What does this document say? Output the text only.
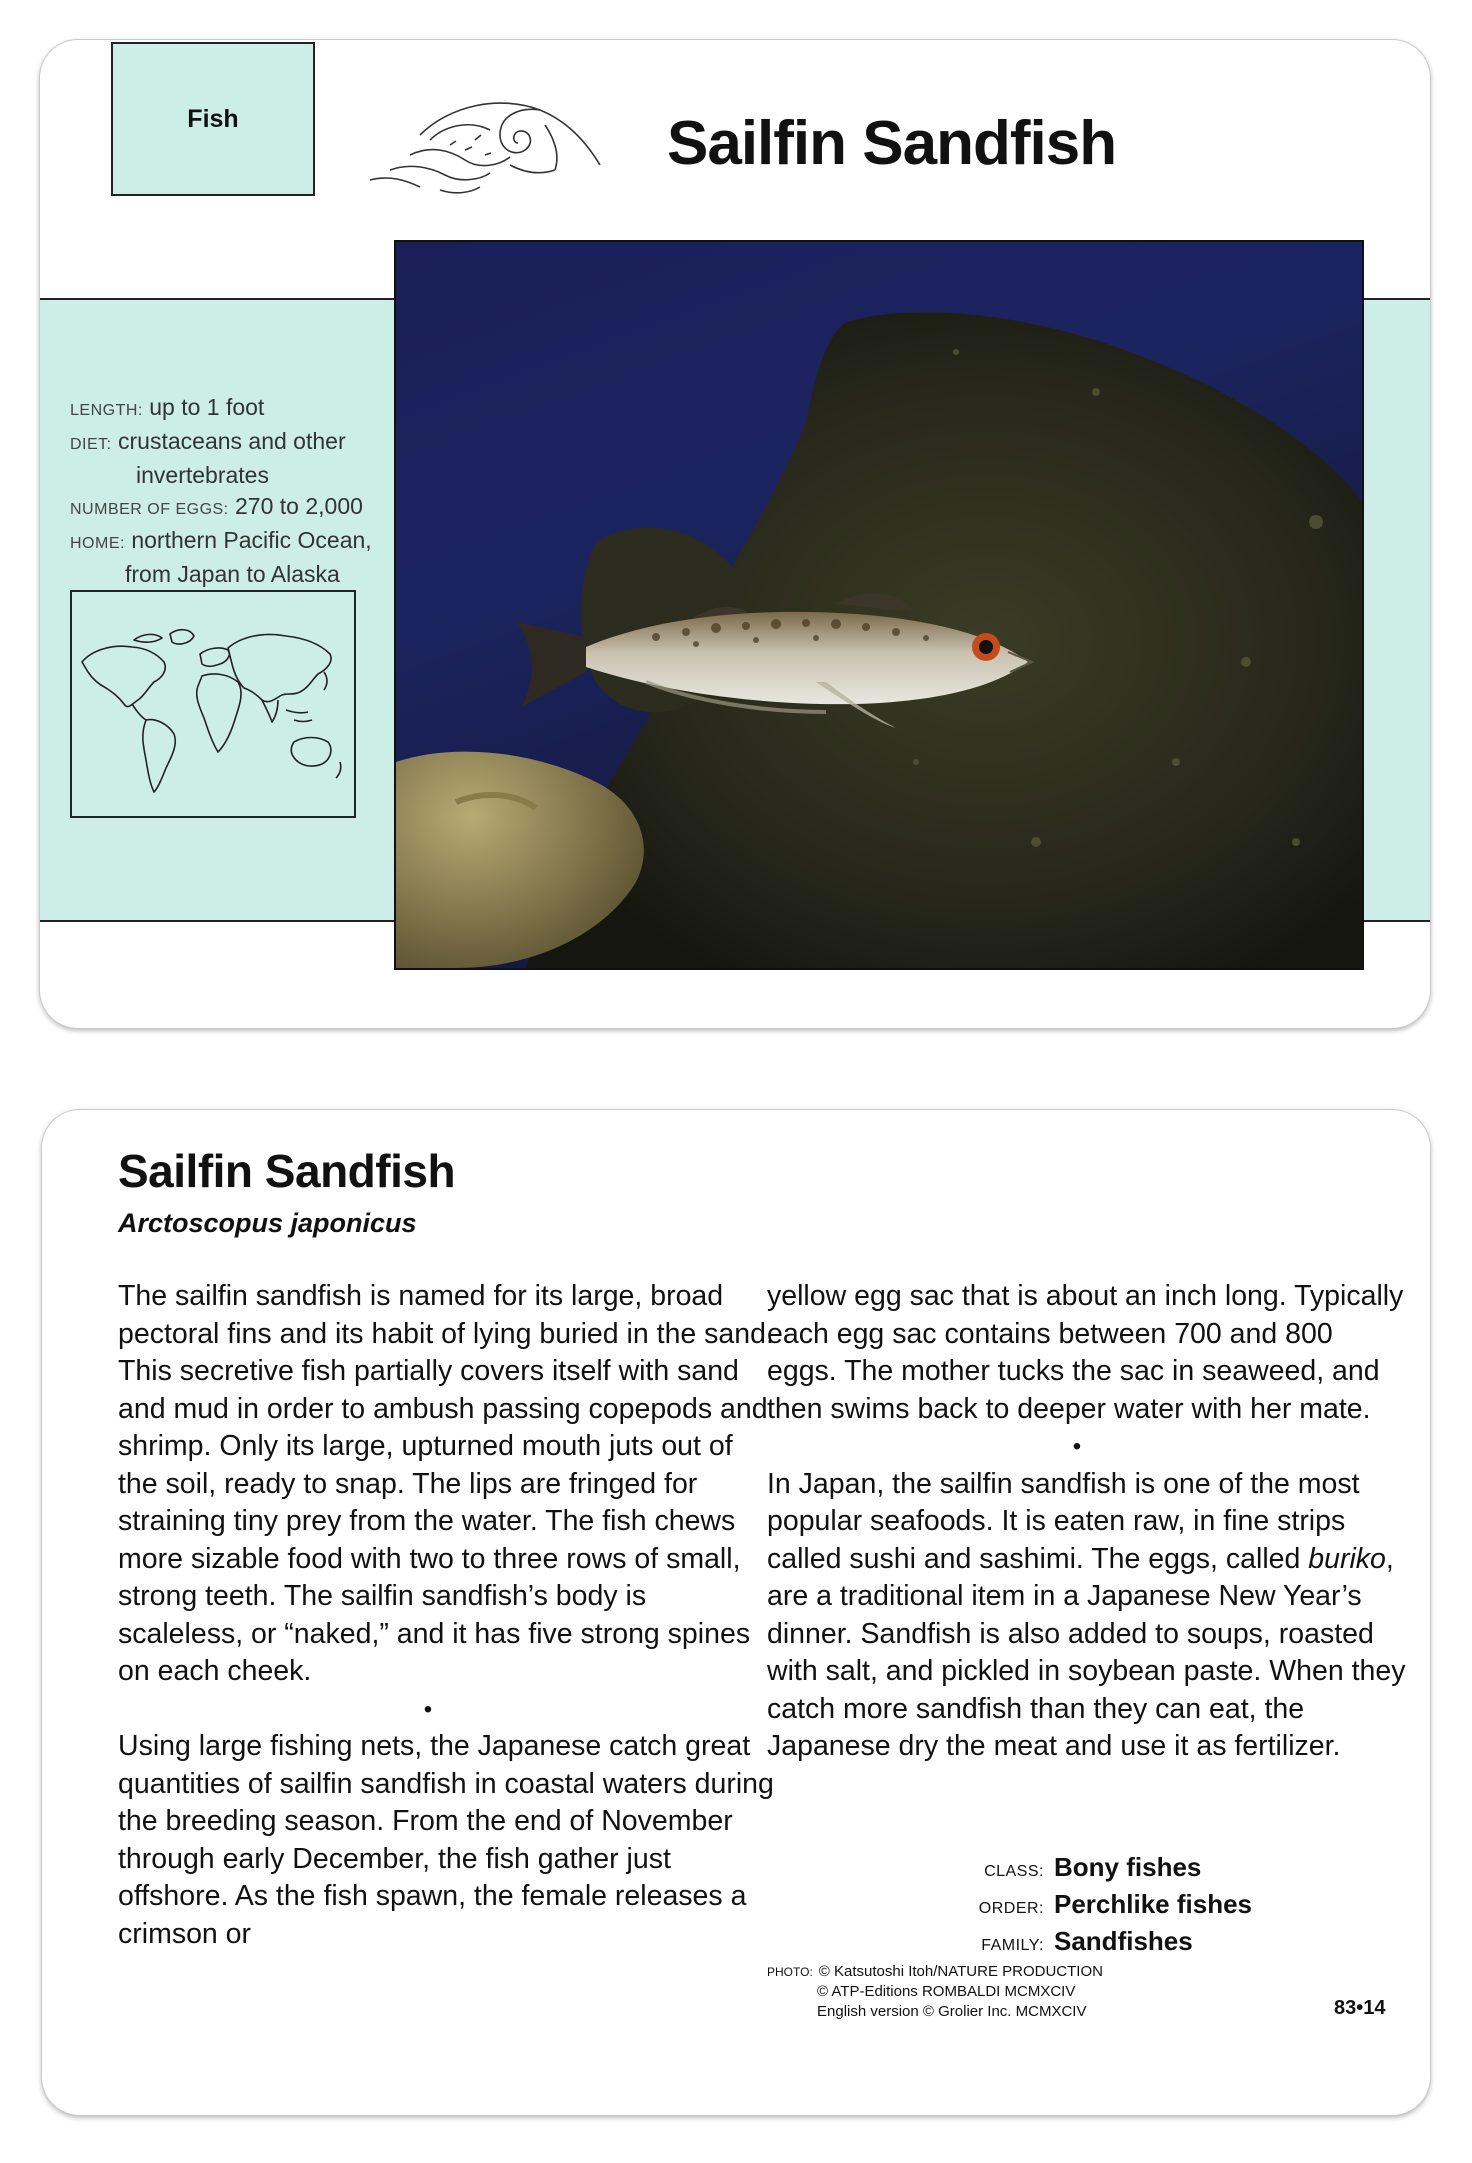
Fish	Sailfin Sandfish
LENGTH: up to 1 foot
DIET: crustaceans and other
invertebrates
NUMBER OF EGGS: 270 to 2,000
HOME: northern Pacific Ocean,
from Japan to Alaska
Sailfin Sandfish
Arctoscopus japonicus

The sailfin sandfish is named for its large, broad pectoral fins and its habit of lying buried in the sand. This secretive fish partially covers itself with sand and mud in order to ambush passing copepods and shrimp. Only its large, upturned mouth juts out of the soil, ready to snap. The lips are fringed for straining tiny prey from the water. The fish chews more sizable food with two to three rows of small, strong teeth. The sailfin sandfish’s body is scaleless, or “naked,” and it has five strong spines on each cheek.

•

Using large fishing nets, the Japanese catch great quantities of sailfin sandfish in coastal waters during the breeding season. From the end of November through early December, the fish gather just offshore. As the fish spawn, the female releases a crimson or

yellow egg sac that is about an inch long. Typically each egg sac contains between 700 and 800 eggs. The mother tucks the sac in seaweed, and then swims back to deeper water with her mate.

•

In Japan, the sailfin sandfish is one of the most popular seafoods. It is eaten raw, in fine strips called sushi and sashimi. The eggs, called buriko, are a traditional item in a Japanese New Year’s dinner. Sandfish is also added to soups, roasted with salt, and pickled in soybean paste. When they catch more sandfish than they can eat, the Japanese dry the meat and use it as fertilizer.

CLASS: Bony fishes
ORDER: Perchlike fishes
FAMILY: Sandfishes
PHOTO: © Katsutoshi Itoh/NATURE PRODUCTION
© ATP-Editions ROMBALDI MCMXCIV
English version © Grolier Inc. MCMXCIV	83•14
